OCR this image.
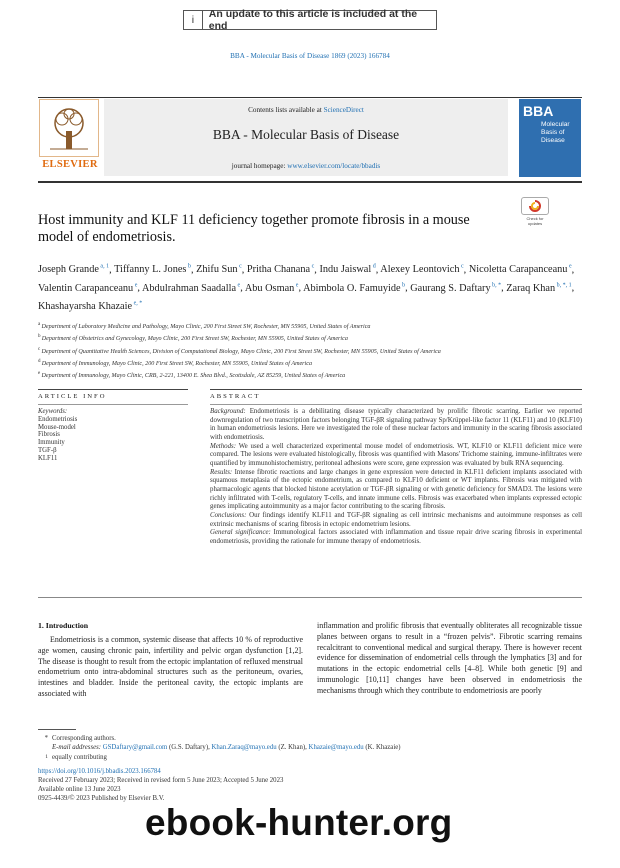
i	An update to this article is included at the end
BBA - Molecular Basis of Disease 1869 (2023) 166784
ELSEVIER
Contents lists available at ScienceDirect
BBA - Molecular Basis of Disease
journal homepage: www.elsevier.com/locate/bbadis
BBA
Molecular Basis of Disease
Host immunity and KLF 11 deficiency together promote fibrosis in a mouse model of endometriosis.
Check for updates
Joseph Grande $^{a, 1}$, Tiffanny L. Jones $^b$, Zhifu Sun $^c$, Pritha Chanana $^c$, Indu Jaiswal $^d$, Alexey Leontovich $^c$, Nicoletta Carapanceanu $^e$, Valentin Carapanceanu $^e$, Abdulrahman Saadalla $^e$, Abu Osman $^e$, Abimbola O. Famuyide $^b$, Gaurang S. Daftary $^{b, *}$, Zaraq Khan $^{b, *, 1}$, Khashayarsha Khazaie $^{e, *}$
$^a$ Department of Laboratory Medicine and Pathology, Mayo Clinic, 200 First Street SW, Rochester, MN 55905, United States of America
$^b$ Department of Obstetrics and Gynecology, Mayo Clinic, 200 First Street SW, Rochester, MN 55905, United States of America
$^c$ Department of Quantitative Health Sciences, Division of Computational Biology, Mayo Clinic, 200 First Street SW, Rochester, MN 55905, United States of America
$^d$ Department of Immunology, Mayo Clinic, 200 First Street SW, Rochester, MN 55905, United States of America
$^e$ Department of Immunology, Mayo Clinic, CRB, 2-221, 13400 E. Shea Blvd., Scottsdale, AZ 85259, United States of America
ARTICLE INFO	ABSTRACT
Keywords:
Endometriosis
Mouse-model
Fibrosis
Immunity
TGF-β
KLF11

Background: Endometriosis is a debilitating disease typically characterized by prolific fibrotic scarring. Earlier we reported downregulation of two transcription factors belonging TGF-βR signaling pathway Sp/Krüppel-like factor 11 (KLF11) and 10 (KLF10) in human endometriosis lesions. Here we investigated the role of these nuclear factors and immunity in the scaring fibrosis associated with endometriosis.

Methods: We used a well characterized experimental mouse model of endometriosis. WT, KLF10 or KLF11 deficient mice were compared. The lesions were evaluated histologically, fibrosis was quantified with Masons' Trichome staining, immune-infiltrates were quantified by immunohistochemistry, peritoneal adhesions were score, gene expression was evaluated by bulk RNA sequencing.

Results: Intense fibrotic reactions and large changes in gene expression were detected in KLF11 deficient implants associated with squamous metaplasia of the ectopic endometrium, as compared to KLF10 deficient or WT implants. Fibrosis was mitigated with pharmacologic agents that blocked histone acetylation or TGF-βR signaling or with genetic deficiency for SMAD3. The lesions were richly infiltrated with T-cells, regulatory T-cells, and innate immune cells. Fibrosis was exacerbated when implants expressed ectopic genes implicating autoimmunity as a major factor contributing to the scaring fibrosis.

Conclusions: Our findings identify KLF11 and TGF-βR signaling as cell intrinsic mechanisms and autoimmune responses as cell extrinsic mechanisms of scaring fibrosis in ectopic endometrium lesions.

General significance: Immunological factors associated with inflammation and tissue repair drive scaring fibrosis in experimental endometriosis, providing the rationale for immune therapy of endometriosis.

1. Introduction

Endometriosis is a common, systemic disease that affects 10 % of reproductive age women, causing chronic pain, infertility and pelvic organ dysfunction [1,2]. The disease is thought to result from the ectopic implantation of refluxed menstrual endometrium onto intra-abdominal structures such as the peritoneum, ovaries, intestines and bladder. Inside the peritoneal cavity, the ectopic implants are associated with

inflammation and prolific fibrosis that eventually obliterates all recognizable tissue planes between organs to result in a “frozen pelvis”. Fibrotic scarring remains recalcitrant to conventional medical and surgical therapy. There is however recent evidence for dissemination of endometrial cells through the lymphatics [3] and for mutations in the ectopic endometrial cells [4–8]. While both genetic [9] and immunologic [10,11] changes have been observed in endometriosis the mechanisms through which they contribute to endometriosis are poorly

* Corresponding authors.
E-mail addresses: GSDaftary@gmail.com (G.S. Daftary), Khan.Zaraq@mayo.edu (Z. Khan), Khazaie@mayo.edu (K. Khazaie)
1 equally contributing
https://doi.org/10.1016/j.bbadis.2023.166784
Received 27 February 2023; Received in revised form 5 June 2023; Accepted 5 June 2023
Available online 13 June 2023
0925-4439/© 2023 Published by Elsevier B.V.
ebook-hunter.org
